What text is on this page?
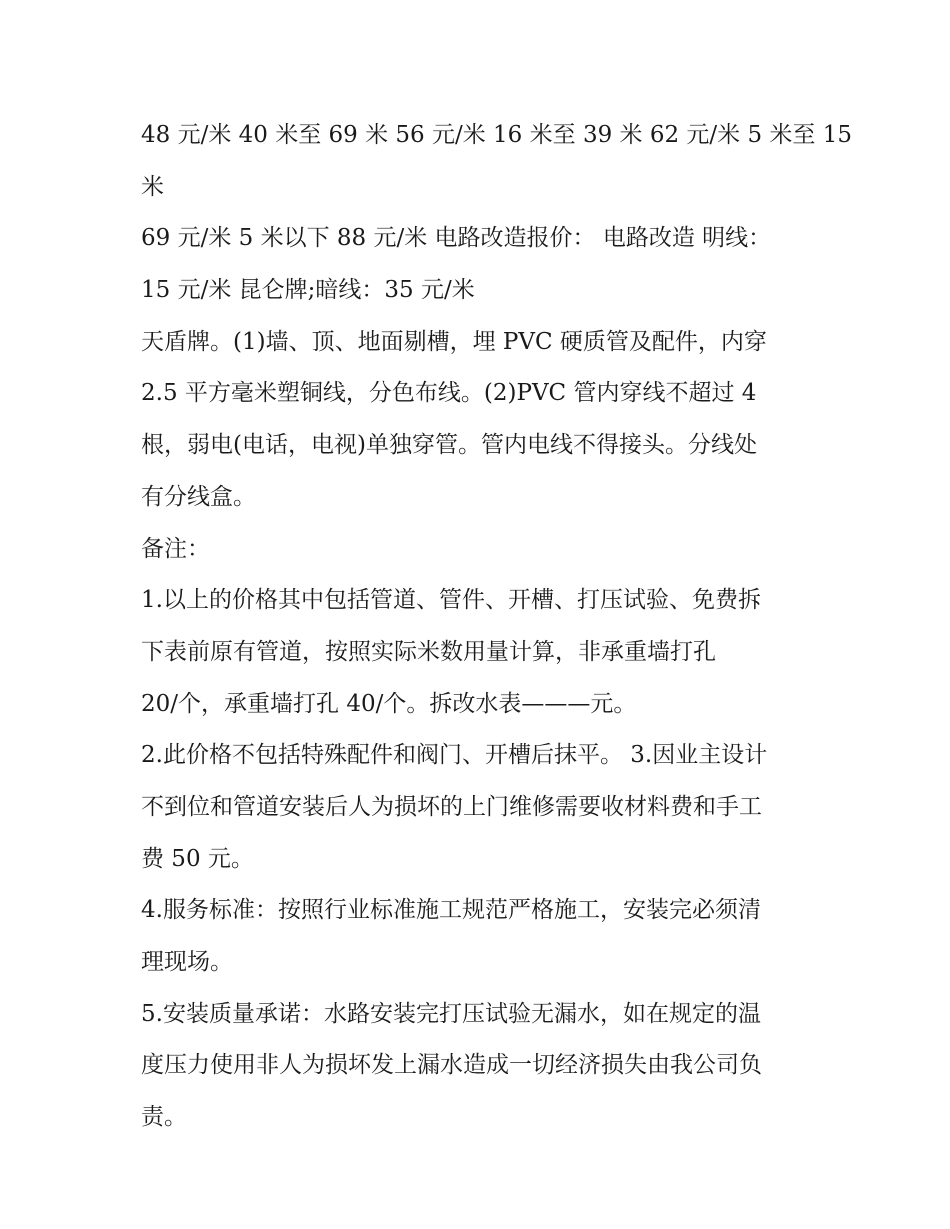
48 元/米 40 米至 69 米 56 元/米 16 米至 39 米 62 元/米 5 米至 15
米
69 元/米 5 米以下 88 元/米 电路改造报价： 电路改造 明线：
15 元/米 昆仑牌;暗线：35 元/米
天盾牌。(1)墙、顶、地面剔槽，埋 PVC 硬质管及配件，内穿
2.5 平方毫米塑铜线，分色布线。(2)PVC 管内穿线不超过 4
根，弱电(电话，电视)单独穿管。管内电线不得接头。分线处
有分线盒。
备注：
1.以上的价格其中包括管道、管件、开槽、打压试验、免费拆
下表前原有管道，按照实际米数用量计算，非承重墙打孔
20/个，承重墙打孔 40/个。拆改水表———元。
2.此价格不包括特殊配件和阀门、开槽后抹平。 3.因业主设计
不到位和管道安装后人为损坏的上门维修需要收材料费和手工
费 50 元。
4.服务标准：按照行业标准施工规范严格施工，安装完必须清
理现场。
5.安装质量承诺：水路安装完打压试验无漏水，如在规定的温
度压力使用非人为损坏发上漏水造成一切经济损失由我公司负
责。
